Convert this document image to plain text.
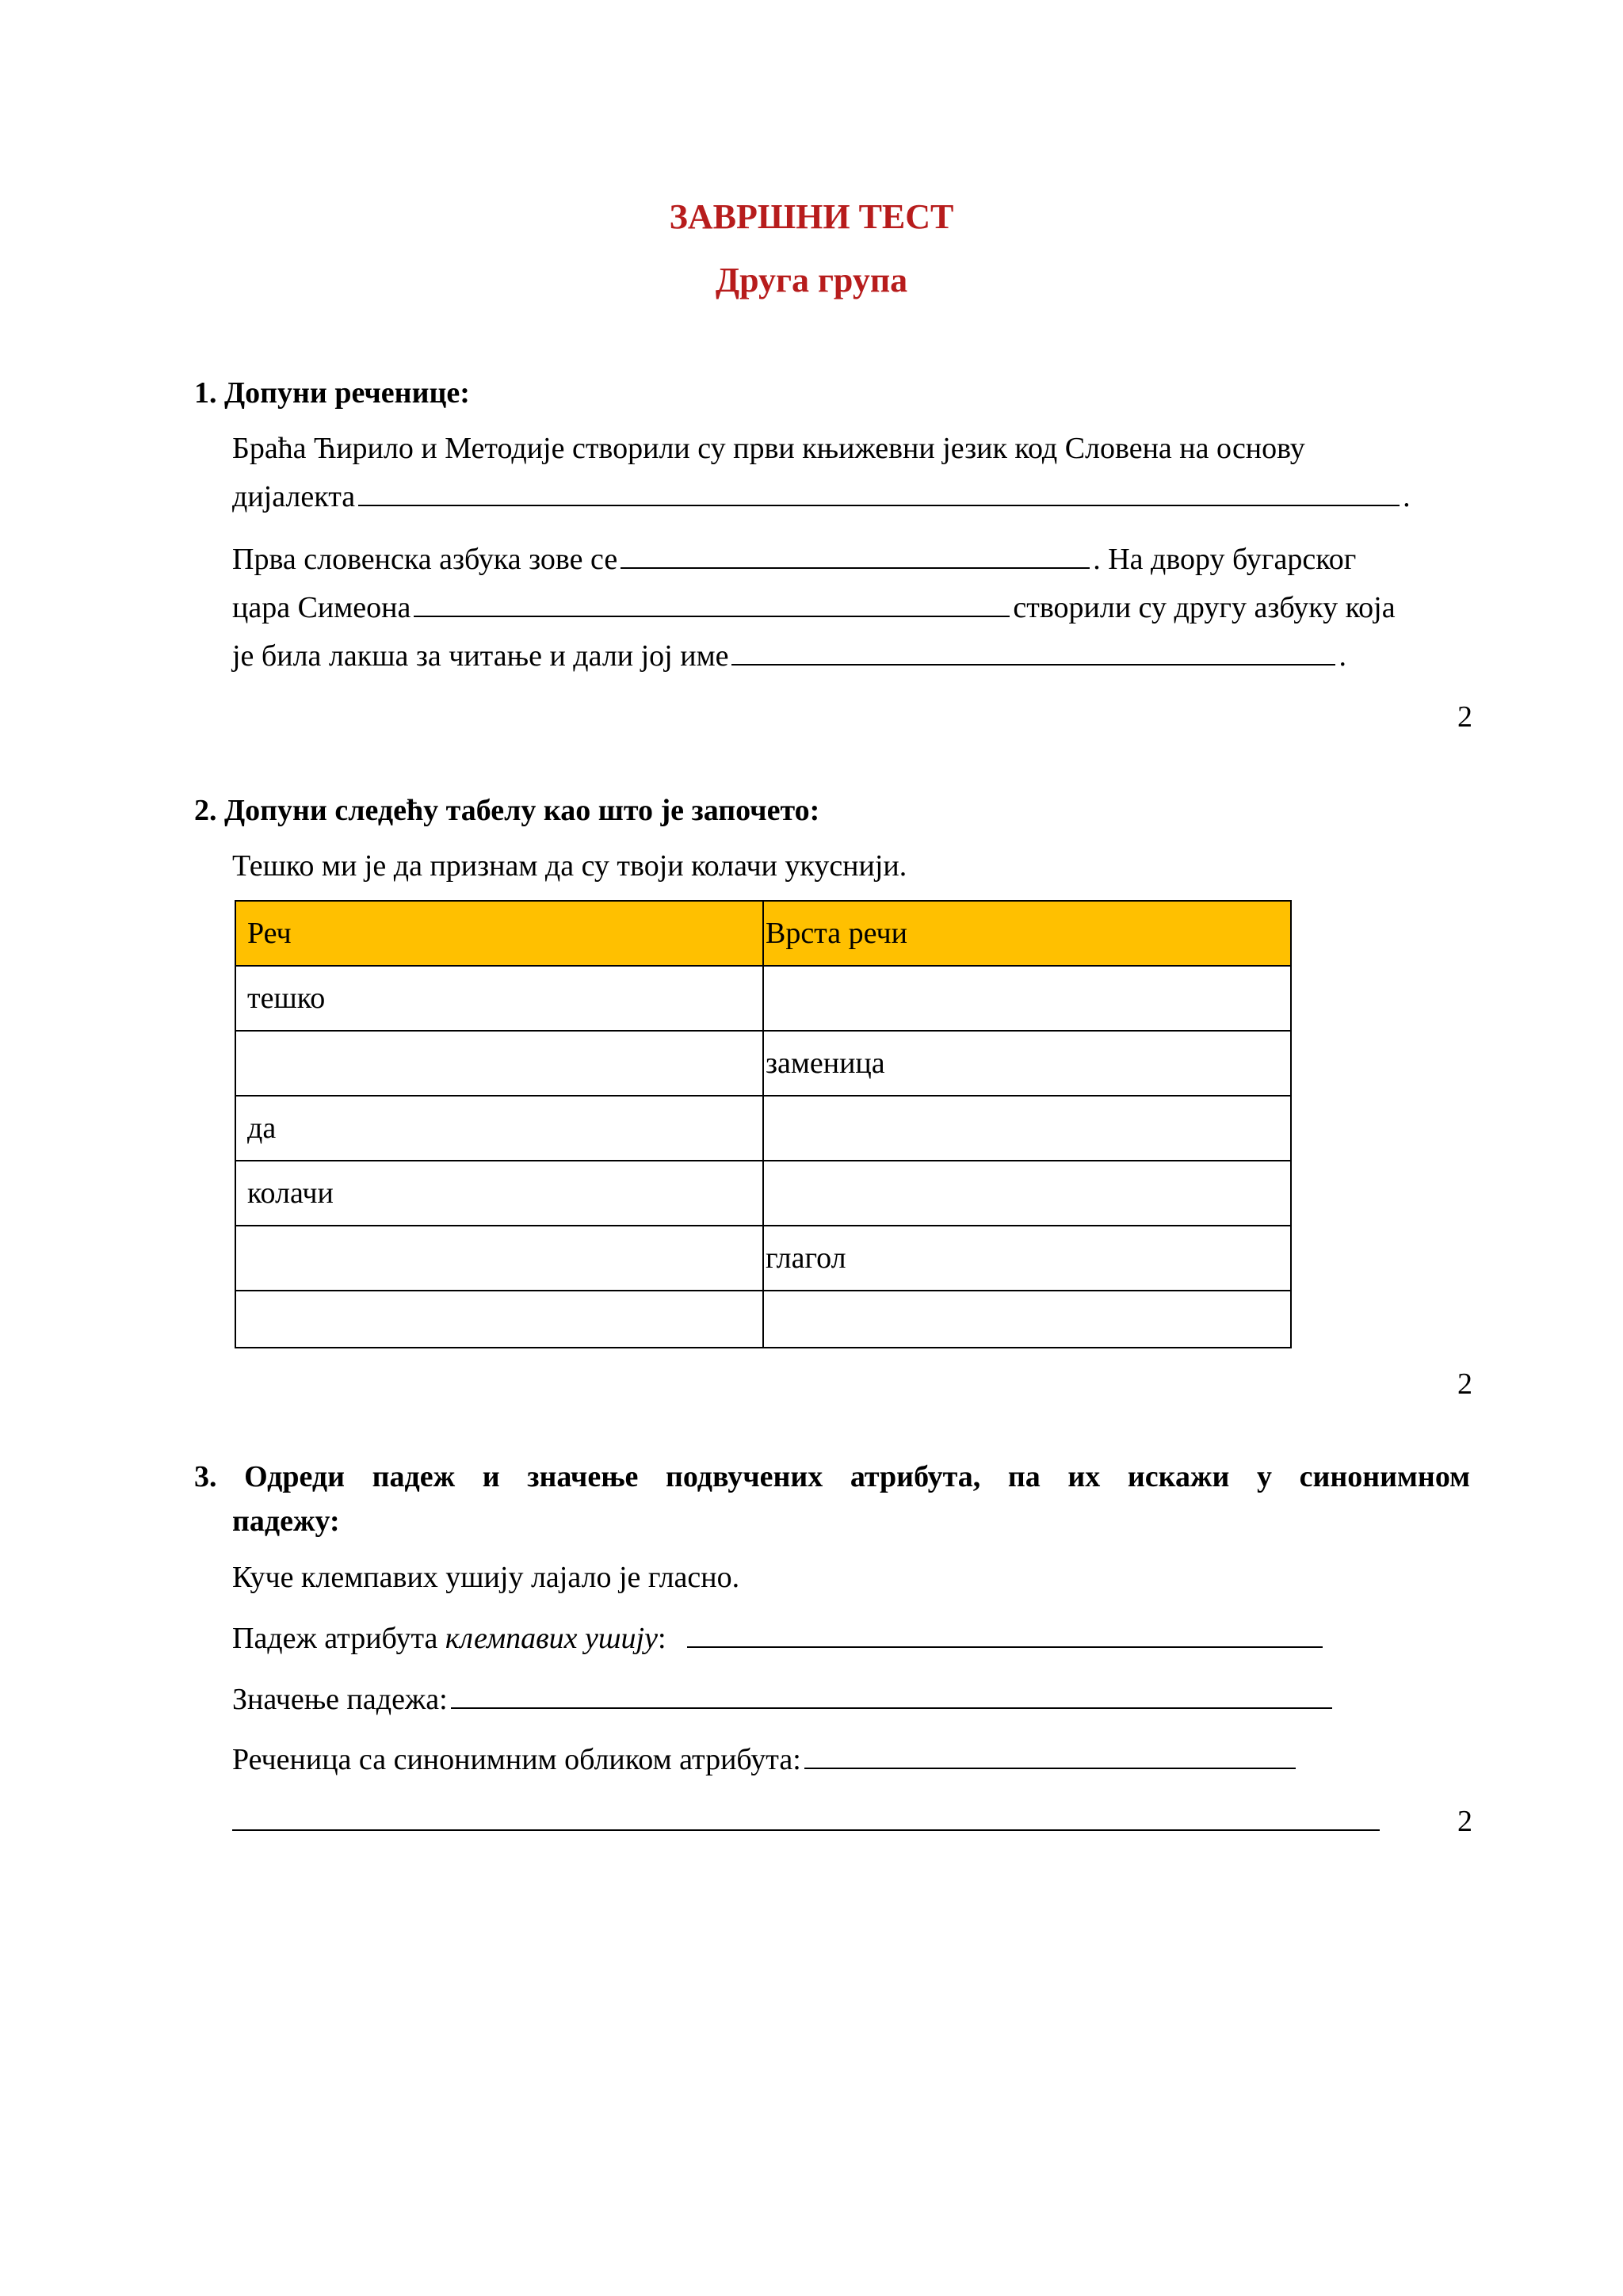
ЗАВРШНИ ТЕСТ
Друга група
1. Допуни реченице:
Браћа Ћирило и Методије створили су први књижевни језик код Словена на основу
дијалекта	.
Прва словенска азбука зове се	. На двору бугарског
цара Симеона	створили су другу азбуку која
је била лакша за читање и дали јој име	.
2
2. Допуни следећу табелу као што је започето:
Тешко ми је да признам да су твоји колачи укуснији.
Реч	Врста речи
тешко	
	заменица
да	
колачи	
	глагол

2
3. Одреди падеж и значење подвучених атрибута, па их искажи у синонимном
падежу:
Куче клемпавих ушију лајало је гласно.
Падеж атрибута клемпавих ушију:
Значење падежа:
Реченица са синонимним обликом атрибута:
2
